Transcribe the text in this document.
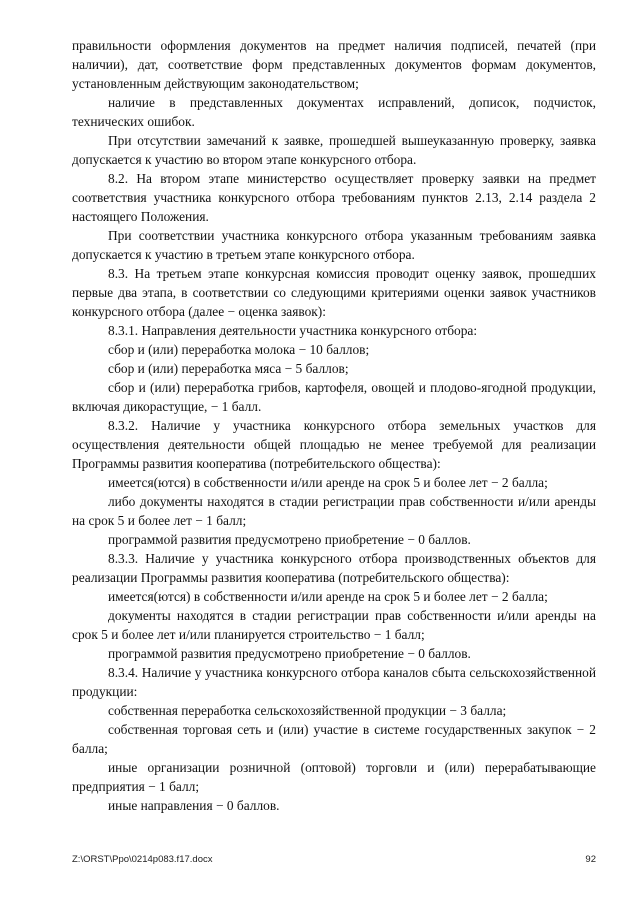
правильности оформления документов на предмет наличия подписей, печатей (при наличии), дат, соответствие форм представленных документов формам документов, установленным действующим законодательством;

наличие в представленных документах исправлений, дописок, подчисток, технических ошибок.

При отсутствии замечаний к заявке, прошедшей вышеуказанную проверку, заявка допускается к участию во втором этапе конкурсного отбора.

8.2. На втором этапе министерство осуществляет проверку заявки на предмет соответствия участника конкурсного отбора требованиям пунктов 2.13, 2.14 раздела 2 настоящего Положения.

При соответствии участника конкурсного отбора указанным требованиям заявка допускается к участию в третьем этапе конкурсного отбора.

8.3. На третьем этапе конкурсная комиссия проводит оценку заявок, прошедших первые два этапа, в соответствии со следующими критериями оценки заявок участников конкурсного отбора (далее − оценка заявок):

8.3.1. Направления деятельности участника конкурсного отбора:

сбор и (или) переработка молока − 10 баллов;

сбор и (или) переработка мяса − 5 баллов;

сбор и (или) переработка грибов, картофеля, овощей и плодово-ягодной продукции, включая дикорастущие, − 1 балл.

8.3.2. Наличие у участника конкурсного отбора земельных участков для осуществления деятельности общей площадью не менее требуемой для реализации Программы развития кооператива (потребительского общества):

имеется(ются) в собственности и/или аренде на срок 5 и более лет − 2 балла;

либо документы находятся в стадии регистрации прав собственности и/или аренды на срок 5 и более лет − 1 балл;

программой развития предусмотрено приобретение − 0 баллов.

8.3.3. Наличие у участника конкурсного отбора производственных объектов для реализации Программы развития кооператива (потребительского общества):

имеется(ются) в собственности и/или аренде на срок 5 и более лет − 2 балла;

документы находятся в стадии регистрации прав собственности и/или аренды на срок 5 и более лет и/или планируется строительство − 1 балл;

программой развития предусмотрено приобретение − 0 баллов.

8.3.4. Наличие у участника конкурсного отбора каналов сбыта сельскохозяйственной продукции:

собственная переработка сельскохозяйственной продукции − 3 балла;

собственная торговая сеть и (или) участие в системе государственных закупок − 2 балла;

иные организации розничной (оптовой) торговли и (или) перерабатывающие предприятия − 1 балл;

иные направления − 0 баллов.

Z:\ORST\Ppo\0214p083.f17.docx	92
